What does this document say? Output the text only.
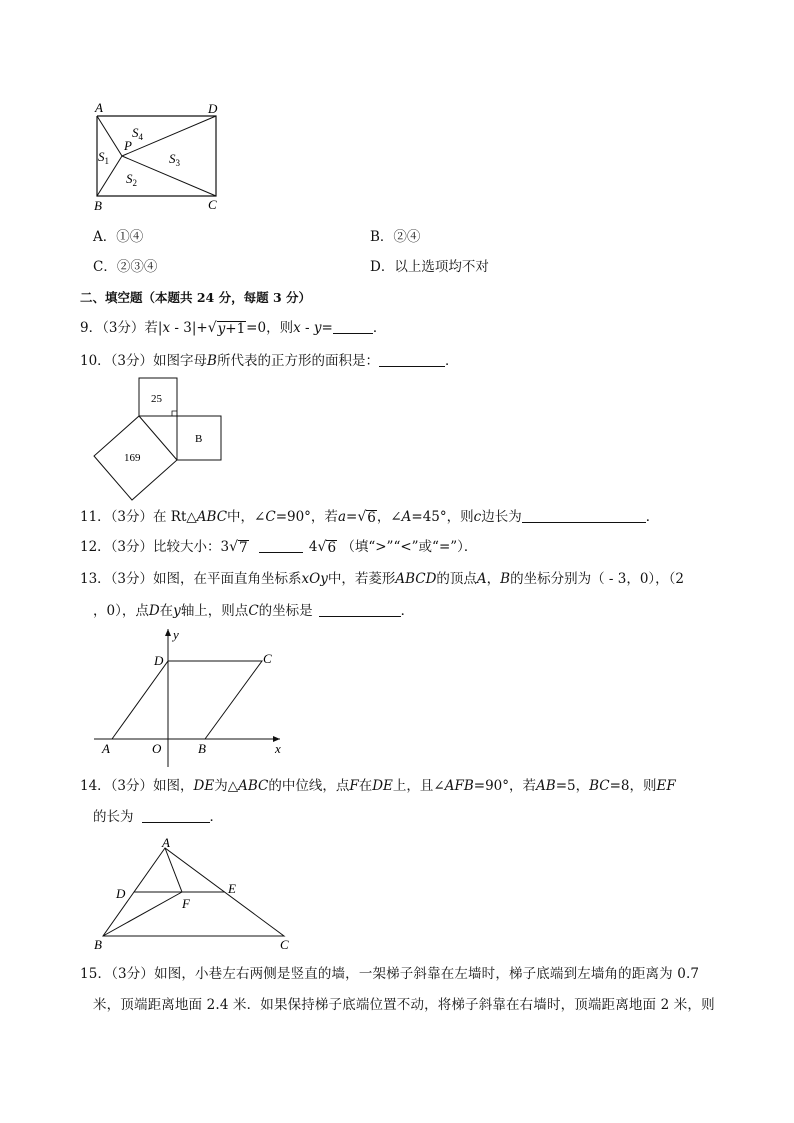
A	D
B	C
P
$S_1$
$S_2$
$S_3$
$S_4$
A．①④	B．②④
C．②③④	D．以上选项均不对
二、填空题（本题共 24 分，每题 3 分）
9．（3分）若|x - 3|+ √ y+1 =0，则x - y=	．
10．（3分）如图字母B所代表的正方形的面积是：	．
25
169
B
11．（3分）在 Rt△ABC中，∠C=90°，若a= √ 6 ，∠A=45°，则c边长为	．
12．（3分）比较大小：3 √ 7	4 √ 6 （填“>”“<”或“=”）．
13．（3分）如图，在平面直角坐标系xOy中，若菱形ABCD的顶点A，B的坐标分别为（ - 3，0），（2
，0），点D在y轴上，则点C的坐标是	．
y
x
D	C
A	O	B
14．（3分）如图，DE为△ABC的中位线，点F在DE上，且∠AFB=90°，若AB=5，BC=8，则EF
的长为	．
A
D	E
F
B	C
15．（3分）如图，小巷左右两侧是竖直的墙，一架梯子斜靠在左墙时，梯子底端到左墙角的距离为 0.7
米，顶端距离地面 2.4 米．如果保持梯子底端位置不动，将梯子斜靠在右墙时，顶端距离地面 2 米，则
